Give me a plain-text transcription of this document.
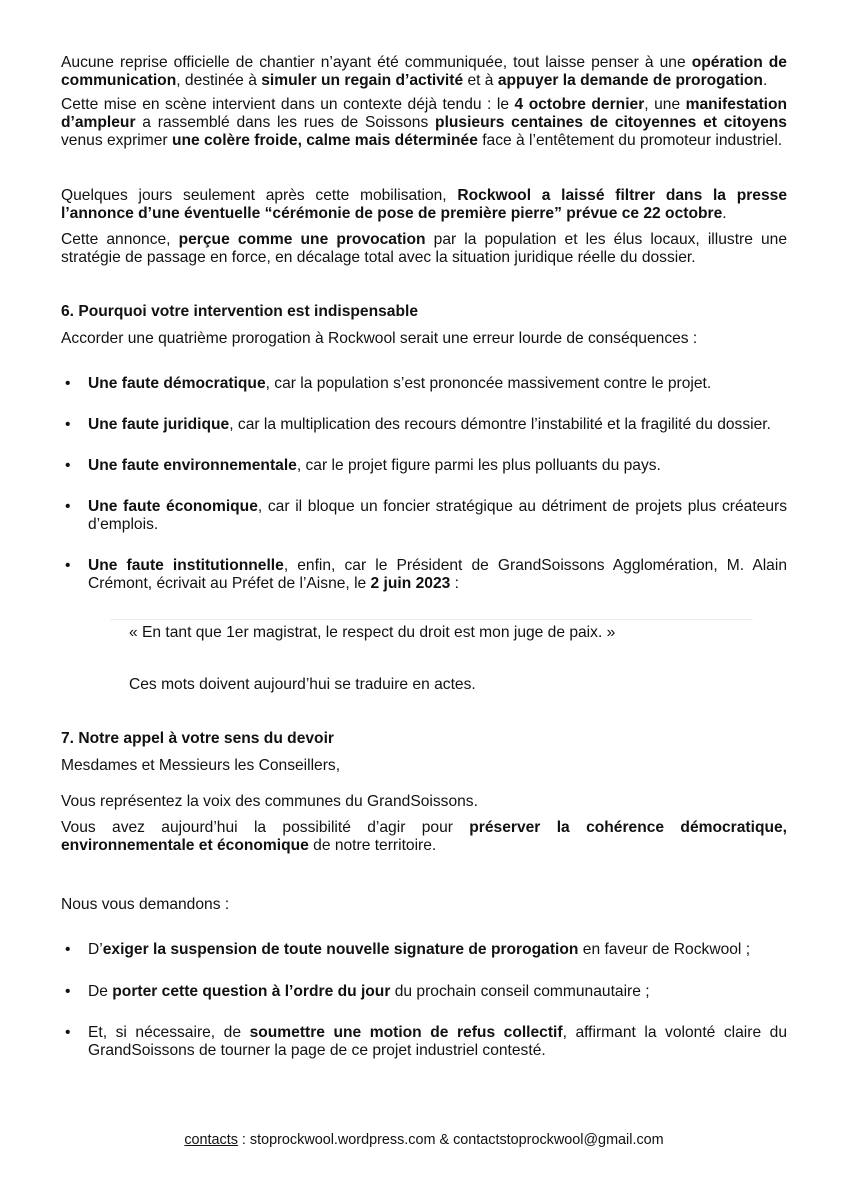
Aucune reprise officielle de chantier n’ayant été communiquée, tout laisse penser à une opération de communication, destinée à simuler un regain d’activité et à appuyer la demande de prorogation.

Cette mise en scène intervient dans un contexte déjà tendu : le 4 octobre dernier, une manifestation d’ampleur a rassemblé dans les rues de Soissons plusieurs centaines de citoyennes et citoyens venus exprimer une colère froide, calme mais déterminée face à l’entêtement du promoteur industriel.

Quelques jours seulement après cette mobilisation, Rockwool a laissé filtrer dans la presse l’annonce d’une éventuelle “cérémonie de pose de première pierre” prévue ce 22 octobre.

Cette annonce, perçue comme une provocation par la population et les élus locaux, illustre une stratégie de passage en force, en décalage total avec la situation juridique réelle du dossier.

6. Pourquoi votre intervention est indispensable

Accorder une quatrième prorogation à Rockwool serait une erreur lourde de conséquences :

• Une faute démocratique, car la population s’est prononcée massivement contre le projet.
• Une faute juridique, car la multiplication des recours démontre l’instabilité et la fragilité du dossier.
• Une faute environnementale, car le projet figure parmi les plus polluants du pays.
• Une faute économique, car il bloque un foncier stratégique au détriment de projets plus créateurs d’emplois.
• Une faute institutionnelle, enfin, car le Président de GrandSoissons Agglomération, M. Alain Crémont, écrivait au Préfet de l’Aisne, le 2 juin 2023 :

« En tant que 1er magistrat, le respect du droit est mon juge de paix. »

Ces mots doivent aujourd’hui se traduire en actes.

7. Notre appel à votre sens du devoir

Mesdames et Messieurs les Conseillers,

Vous représentez la voix des communes du GrandSoissons.

Vous avez aujourd’hui la possibilité d’agir pour préserver la cohérence démocratique, environnementale et économique de notre territoire.

Nous vous demandons :

• D’exiger la suspension de toute nouvelle signature de prorogation en faveur de Rockwool ;
• De porter cette question à l’ordre du jour du prochain conseil communautaire ;
• Et, si nécessaire, de soumettre une motion de refus collectif, affirmant la volonté claire du GrandSoissons de tourner la page de ce projet industriel contesté.
contacts : stoprockwool.wordpress.com & contactstoprockwool@gmail.com
